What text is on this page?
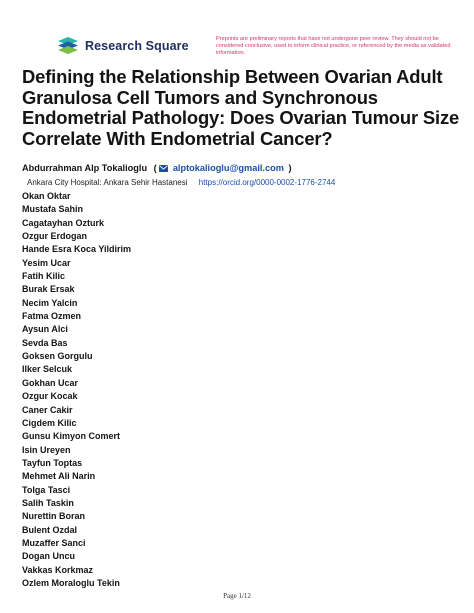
Research Square	Preprints are preliminary reports that have not undergone peer review. They should not be considered conclusive, used to inform clinical practice, or referenced by the media as validated information.
Defining the Relationship Between Ovarian Adult Granulosa Cell Tumors and Synchronous Endometrial Pathology: Does Ovarian Tumour Size Correlate With Endometrial Cancer?
Abdurrahman Alp Tokalioglu ( alptokalioglu@gmail.com )
Ankara City Hospital: Ankara Sehir Hastanesi https://orcid.org/0000-0002-1776-2744
Okan Oktar
Mustafa Sahin
Cagatayhan Ozturk
Ozgur Erdogan
Hande Esra Koca Yildirim
Yesim Ucar
Fatih Kilic
Burak Ersak
Necim Yalcin
Fatma Ozmen
Aysun Alci
Sevda Bas
Goksen Gorgulu
Ilker Selcuk
Gokhan Ucar
Ozgur Kocak
Caner Cakir
Cigdem Kilic
Gunsu Kimyon Comert
Isin Ureyen
Tayfun Toptas
Mehmet Ali Narin
Tolga Tasci
Salih Taskin
Nurettin Boran
Bulent Ozdal
Muzaffer Sanci
Dogan Uncu
Vakkas Korkmaz
Ozlem Moraloglu Tekin
Page 1/12
